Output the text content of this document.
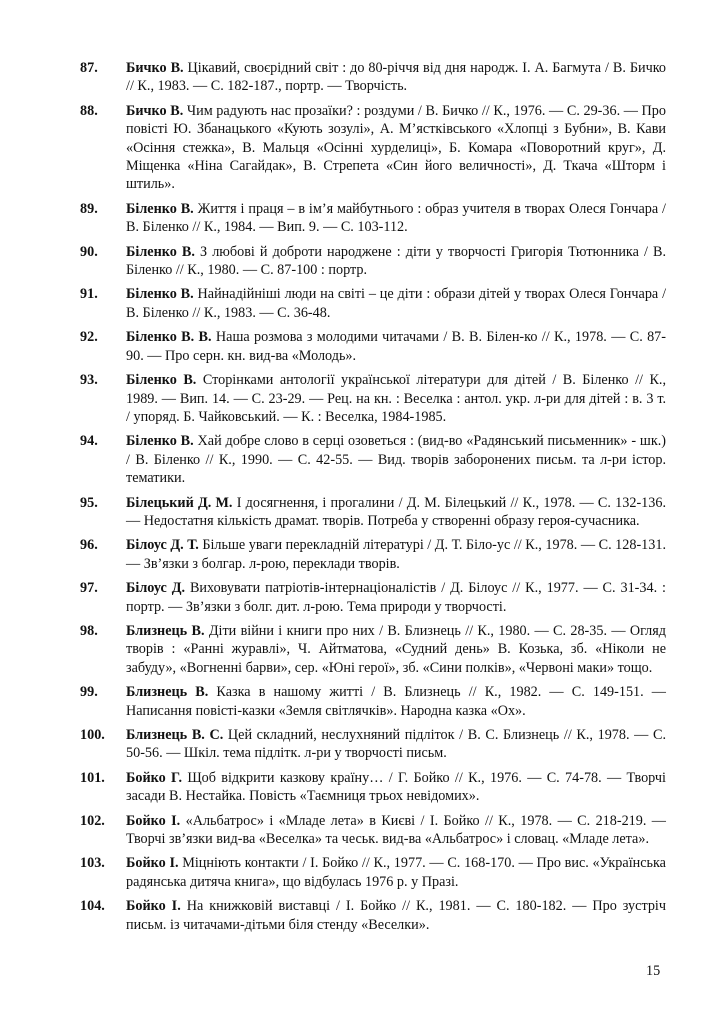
87. Бичко В. Цікавий, своєрідний світ : до 80-річчя від дня народж. І. А. Багмута / В. Бичко // К., 1983. — С. 182-187., портр. — Творчість.
88. Бичко В. Чим радують нас прозаїки? : роздуми / В. Бичко // К., 1976. — С. 29-36. — Про повісті Ю. Збанацького «Кують зозулі», А. М’ястківського «Хлопці з Бубни», В. Кави «Осіння стежка», В. Мальця «Осінні хурделиці», Б. Комара «Поворотний круг», Д. Міщенка «Ніна Сагайдак», В. Стрепета «Син його величності», Д. Ткача «Шторм і штиль».
89. Біленко В. Життя і праця – в ім’я майбутнього : образ учителя в творах Олеся Гончара / В. Біленко // К., 1984. — Вип. 9. — С. 103-112.
90. Біленко В. З любові й доброти народжене : діти у творчості Григорія Тютюнника / В. Біленко // К., 1980. — С. 87-100 : портр.
91. Біленко В. Найнадійніші люди на світі – це діти : образи дітей у творах Олеся Гончара / В. Біленко // К., 1983. — С. 36-48.
92. Біленко В. В. Наша розмова з молодими читачами / В. В. Білен-ко // К., 1978. — С. 87-90. — Про серн. кн. вид-ва «Молодь».
93. Біленко В. Сторінками антології української літератури для дітей / В. Біленко // К., 1989. — Вип. 14. — С. 23-29. — Рец. на кн. : Веселка : антол. укр. л-ри для дітей : в. 3 т. / упоряд. Б. Чайковський. — К. : Веселка, 1984-1985.
94. Біленко В. Хай добре слово в серці озоветься : (вид-во «Радянський письменник» - шк.) / В. Біленко // К., 1990. — С. 42-55. — Вид. творів заборонених письм. та л-ри істор. тематики.
95. Білецький Д. М. І досягнення, і прогалини / Д. М. Білецький // К., 1978. — С. 132-136. — Недостатня кількість драмат. творів. Потреба у створенні образу героя-сучасника.
96. Білоус Д. Т. Більше уваги перекладній літературі / Д. Т. Біло-ус // К., 1978. — С. 128-131. — Зв’язки з болгар. л-рою, переклади творів.
97. Білоус Д. Виховувати патріотів-інтернаціоналістів / Д. Білоус // К., 1977. — С. 31-34. : портр. — Зв’язки з болг. дит. л-рою. Тема природи у творчості.
98. Близнець В. Діти війни і книги про них / В. Близнець // К., 1980. — С. 28-35. — Огляд творів : «Ранні журавлі», Ч. Айтматова, «Судний день» В. Козька, зб. «Ніколи не забуду», «Вогненні барви», сер. «Юні герої», зб. «Сини полків», «Червоні маки» тощо.
99. Близнець В. Казка в нашому житті / В. Близнець // К., 1982. — С. 149-151. — Написання повісті-казки «Земля світлячків». Народна казка «Ох».
100. Близнець В. С. Цей складний, неслухняний підліток / В. С. Близнець // К., 1978. — С. 50-56. — Шкіл. тема підлітк. л-ри у творчості письм.
101. Бойко Г. Щоб відкрити казкову країну… / Г. Бойко // К., 1976. — С. 74-78. — Творчі засади В. Нестайка. Повість «Таємниця трьох невідомих».
102. Бойко І. «Альбатрос» і «Младе лета» в Києві / І. Бойко // К., 1978. — С. 218-219. — Творчі зв’язки вид-ва «Веселка» та чеськ. вид-ва «Альбатрос» і словац. «Младе лета».
103. Бойко І. Міцніють контакти / І. Бойко // К., 1977. — С. 168-170. — Про вис. «Українська радянська дитяча книга», що відбулась 1976 р. у Празі.
104. Бойко І. На книжковій виставці / І. Бойко // К., 1981. — С. 180-182. — Про зустріч письм. із читачами-дітьми біля стенду «Веселки».
15
